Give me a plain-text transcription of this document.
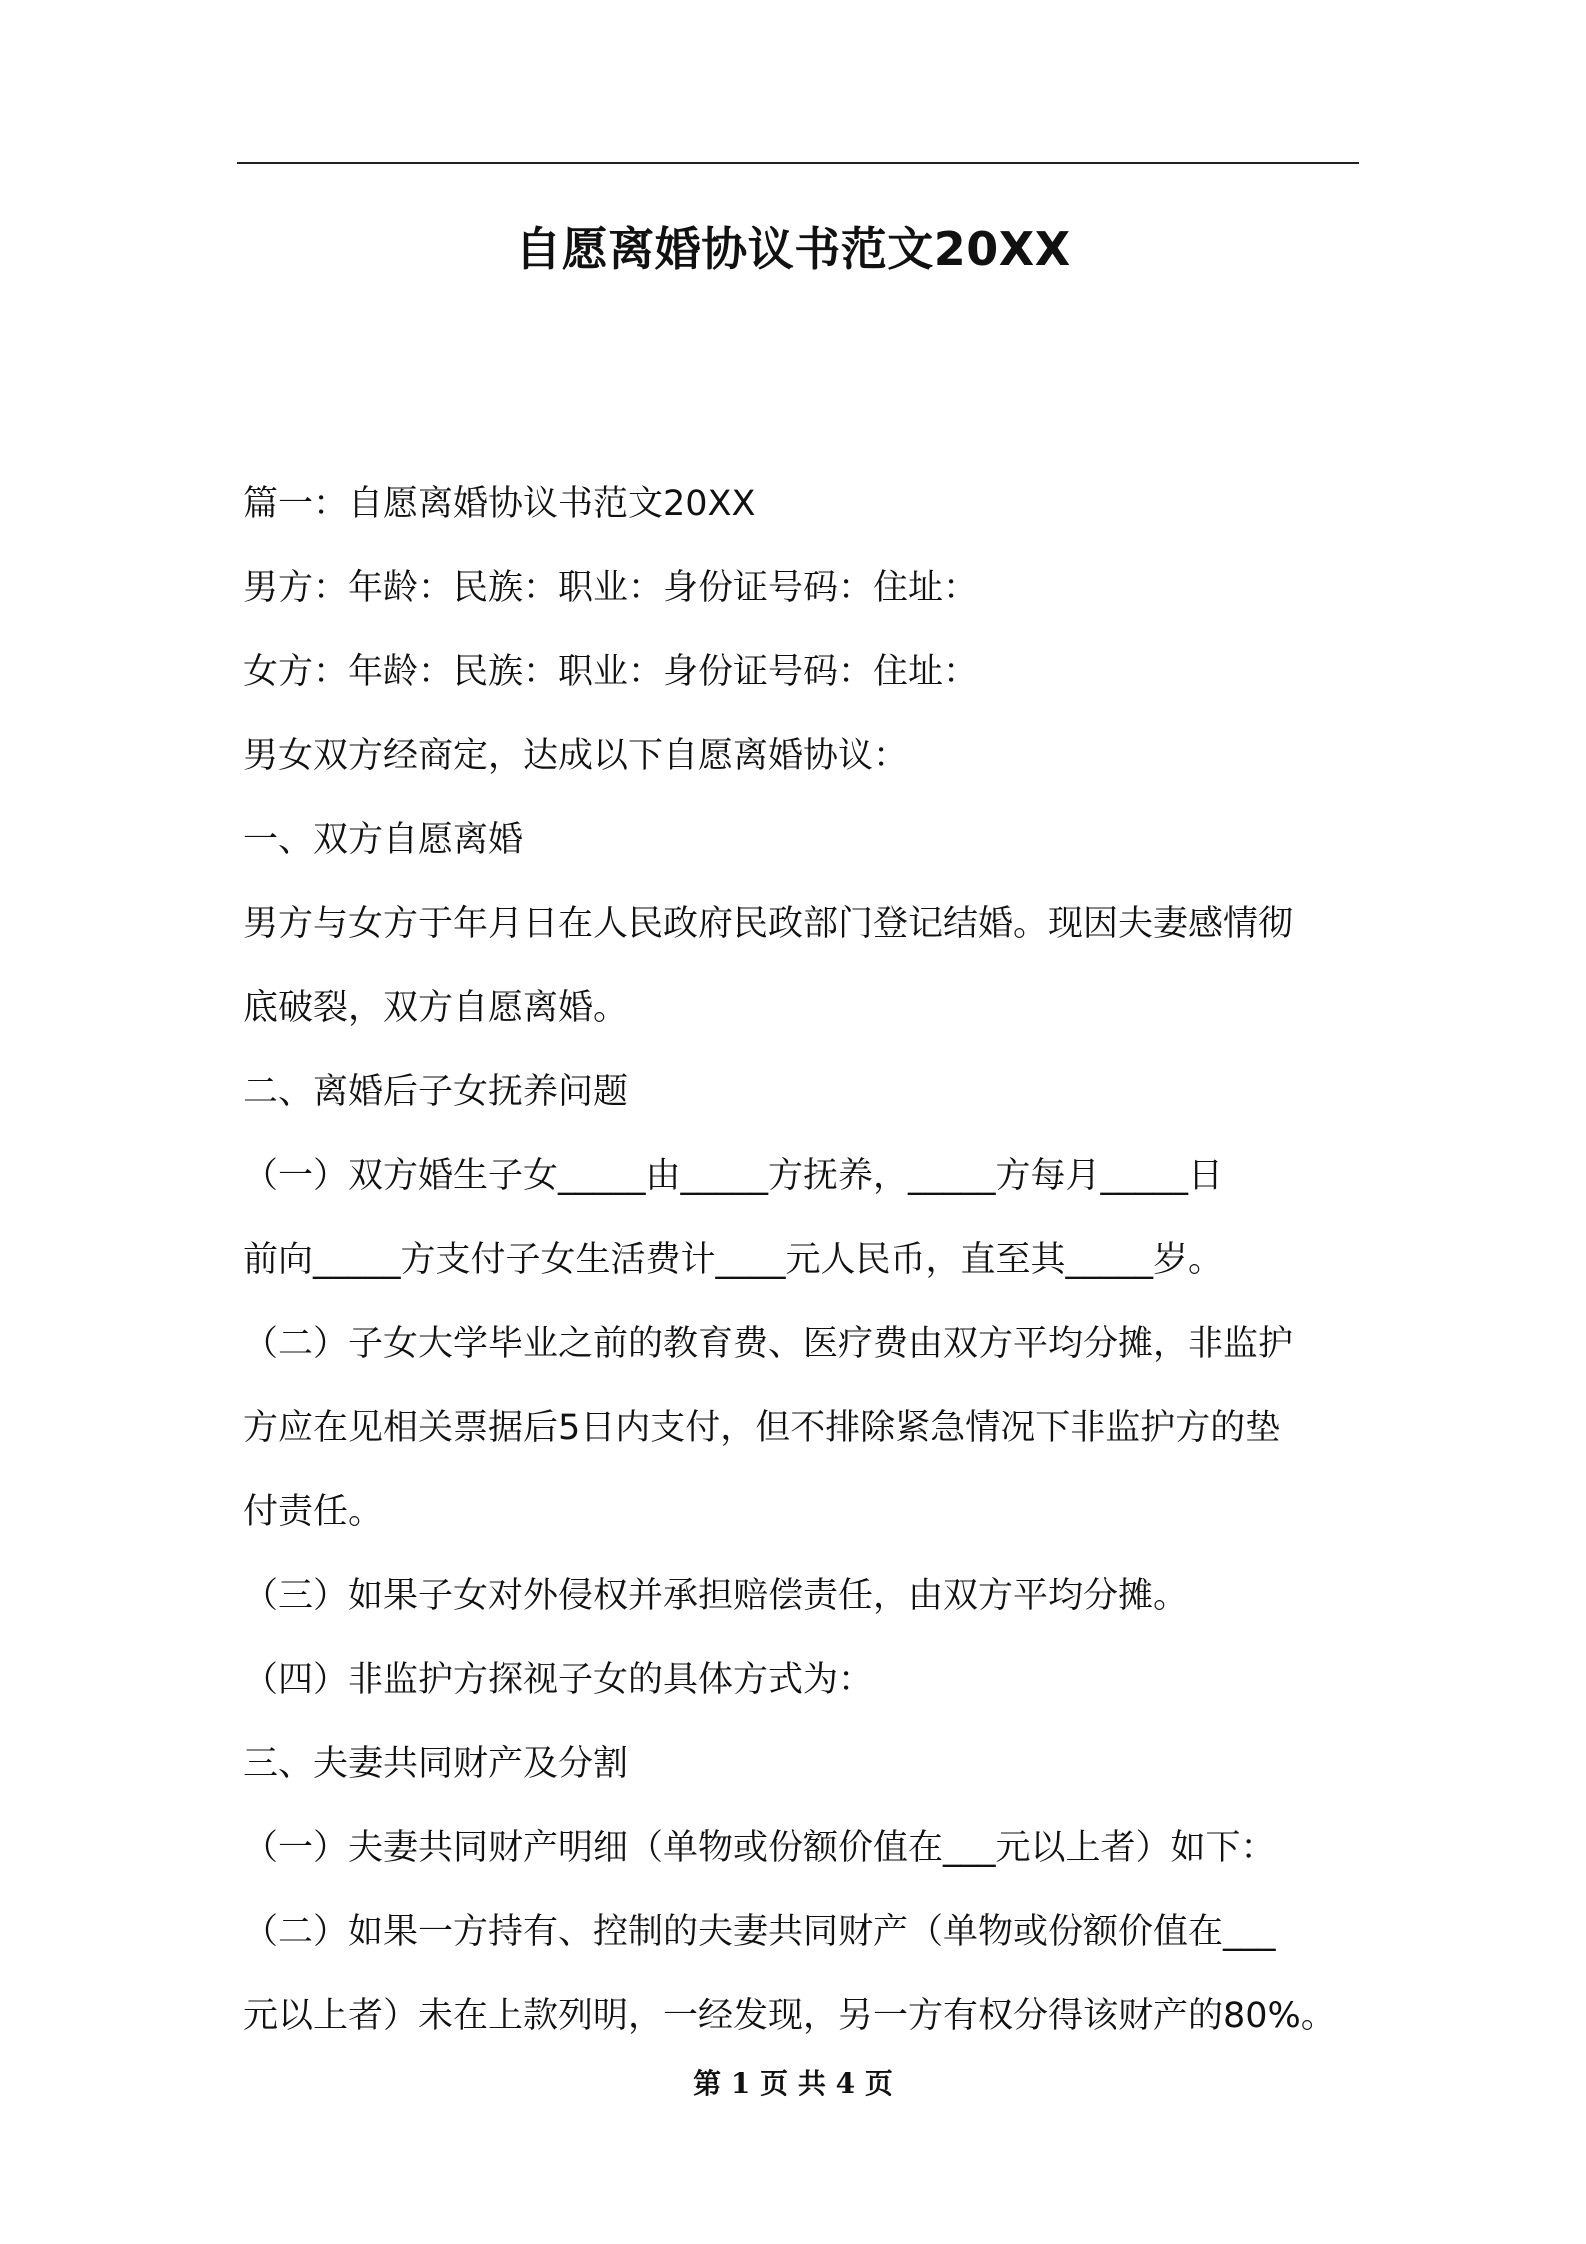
自愿离婚协议书范文20XX

篇一：自愿离婚协议书范文20XX

男方：年龄：民族：职业：身份证号码：住址：

女方：年龄：民族：职业：身份证号码：住址：

男女双方经商定，达成以下自愿离婚协议：

一、双方自愿离婚

男方与女方于年月日在人民政府民政部门登记结婚。现因夫妻感情彻

底破裂，双方自愿离婚。

二、离婚后子女抚养问题

（一）双方婚生子女_____由_____方抚养，_____方每月_____日

前向_____方支付子女生活费计____元人民币，直至其_____岁。

（二）子女大学毕业之前的教育费、医疗费由双方平均分摊，非监护

方应在见相关票据后5日内支付，但不排除紧急情况下非监护方的垫

付责任。

（三）如果子女对外侵权并承担赔偿责任，由双方平均分摊。

（四）非监护方探视子女的具体方式为：

三、夫妻共同财产及分割

（一）夫妻共同财产明细（单物或份额价值在___元以上者）如下：

（二）如果一方持有、控制的夫妻共同财产（单物或份额价值在___

元以上者）未在上款列明，一经发现，另一方有权分得该财产的80%。

第 1 页 共 4 页
